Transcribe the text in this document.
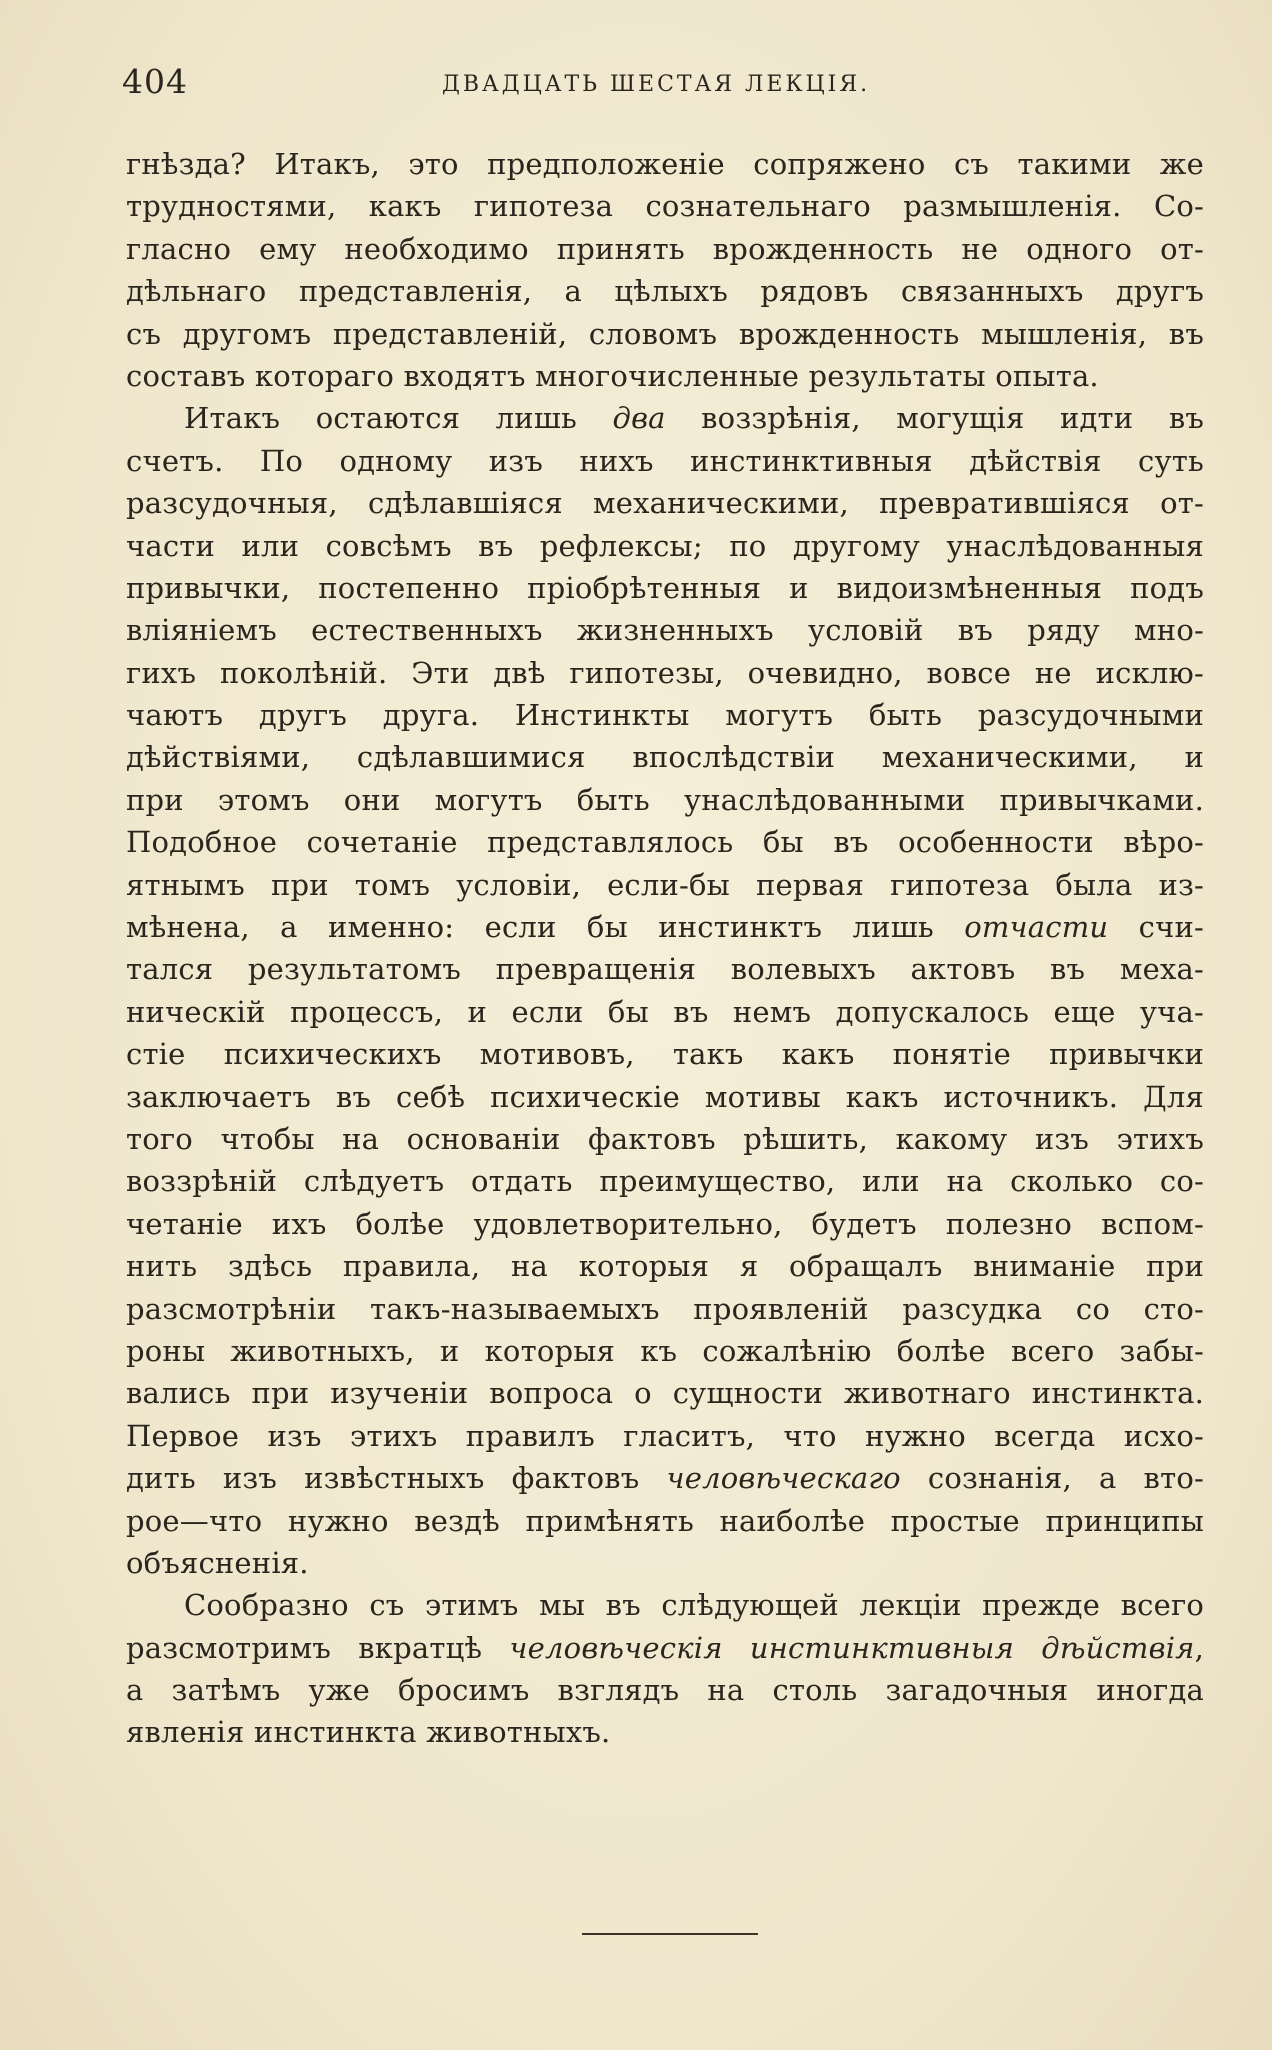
404	ДВАДЦАТЬ ШЕСТАЯ ЛЕКЦІЯ.
гнѣзда? Итакъ, это предположеніе сопряжено съ такими же
трудностями, какъ гипотеза сознательнаго размышленія. Со-
гласно ему необходимо принять врожденность не одного от-
дѣльнаго представленія, а цѣлыхъ рядовъ связанныхъ другъ
съ другомъ представленій, словомъ врожденность мышленія, въ
составъ котораго входятъ многочисленные результаты опыта.
Итакъ остаются лишь два воззрѣнія, могущія идти въ
счетъ. По одному изъ нихъ инстинктивныя дѣйствія суть
разсудочныя, сдѣлавшіяся механическими, превратившіяся от-
части или совсѣмъ въ рефлексы; по другому унаслѣдованныя
привычки, постепенно пріобрѣтенныя и видоизмѣненныя подъ
вліяніемъ естественныхъ жизненныхъ условій въ ряду мно-
гихъ поколѣній. Эти двѣ гипотезы, очевидно, вовсе не исклю-
чаютъ другъ друга. Инстинкты могутъ быть разсудочными
дѣйствіями, сдѣлавшимися впослѣдствіи механическими, и
при этомъ они могутъ быть унаслѣдованными привычками.
Подобное сочетаніе представлялось бы въ особенности вѣро-
ятнымъ при томъ условіи, если-бы первая гипотеза была из-
мѣнена, а именно: если бы инстинктъ лишь отчасти счи-
тался результатомъ превращенія волевыхъ актовъ въ меха-
ническій процессъ, и если бы въ немъ допускалось еще уча-
стіе психическихъ мотивовъ, такъ какъ понятіе привычки
заключаетъ въ себѣ психическіе мотивы какъ источникъ. Для
того чтобы на основаніи фактовъ рѣшить, какому изъ этихъ
воззрѣній слѣдуетъ отдать преимущество, или на сколько со-
четаніе ихъ болѣе удовлетворительно, будетъ полезно вспом-
нить здѣсь правила, на которыя я обращалъ вниманіе при
разсмотрѣніи такъ-называемыхъ проявленій разсудка со сто-
роны животныхъ, и которыя къ сожалѣнію болѣе всего забы-
вались при изученіи вопроса о сущности животнаго инстинкта.
Первое изъ этихъ правилъ гласитъ, что нужно всегда исхо-
дить изъ извѣстныхъ фактовъ человѣческаго сознанія, а вто-
рое—что нужно вездѣ примѣнять наиболѣе простые принципы
объясненія.
Сообразно съ этимъ мы въ слѣдующей лекціи прежде всего
разсмотримъ вкратцѣ человѣческія инстинктивныя дѣйствія,
а затѣмъ уже бросимъ взглядъ на столь загадочныя иногда
явленія инстинкта животныхъ.
